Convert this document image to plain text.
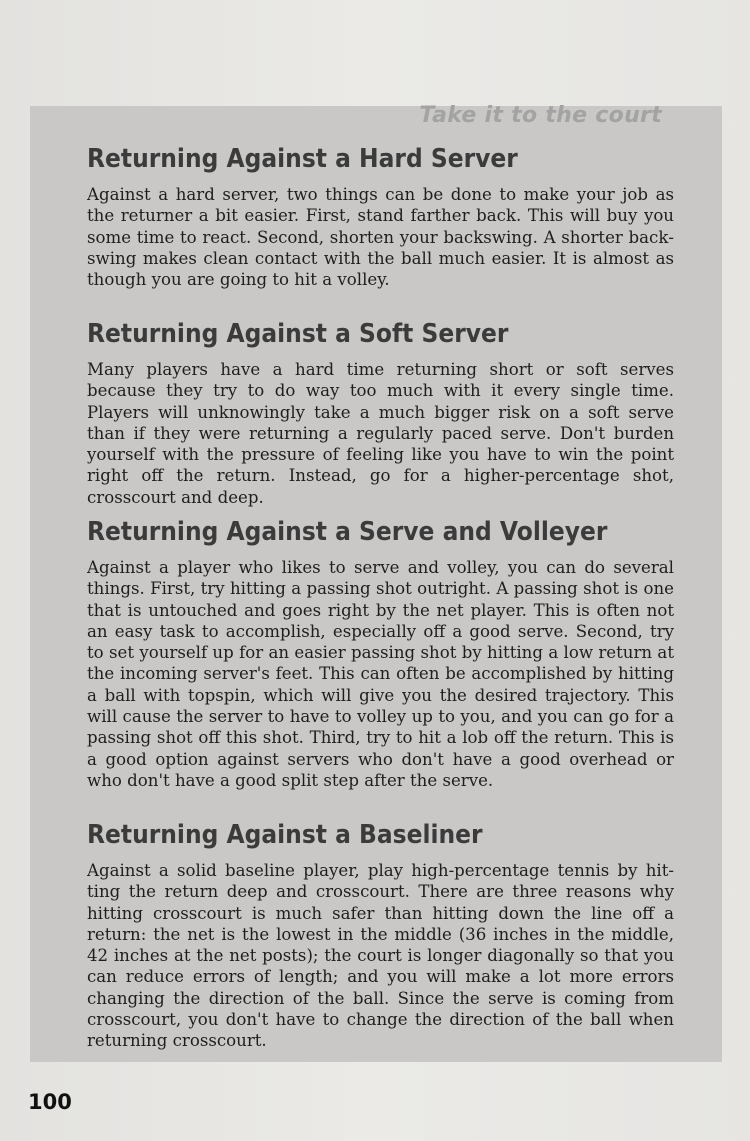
Take it to the court

Returning Against a Hard Server

Against a hard server, two things can be done to make your job as the returner a bit easier. First, stand farther back. This will buy you some time to react. Second, shorten your backswing. A shorter backswing makes clean contact with the ball much easier. It is almost as though you are going to hit a volley.

Returning Against a Soft Server

Many players have a hard time returning short or soft serves because they try to do way too much with it every single time. Players will unknowingly take a much bigger risk on a soft serve than if they were returning a regularly paced serve. Don't burden yourself with the pressure of feeling like you have to win the point right off the return. Instead, go for a higher-percentage shot, crosscourt and deep.

Returning Against a Serve and Volleyer

Against a player who likes to serve and volley, you can do several things. First, try hitting a passing shot outright. A passing shot is one that is untouched and goes right by the net player. This is often not an easy task to accomplish, especially off a good serve. Second, try to set yourself up for an easier passing shot by hitting a low return at the incoming server's feet. This can often be accomplished by hitting a ball with topspin, which will give you the desired trajectory. This will cause the server to have to volley up to you, and you can go for a passing shot off this shot. Third, try to hit a lob off the return. This is a good option against servers who don't have a good overhead or who don't have a good split step after the serve.

Returning Against a Baseliner

Against a solid baseline player, play high-percentage tennis by hitting the return deep and crosscourt. There are three reasons why hitting crosscourt is much safer than hitting down the line off a return: the net is the lowest in the middle (36 inches in the middle, 42 inches at the net posts); the court is longer diagonally so that you can reduce errors of length; and you will make a lot more errors changing the direction of the ball. Since the serve is coming from crosscourt, you don't have to change the direction of the ball when returning crosscourt.

100
